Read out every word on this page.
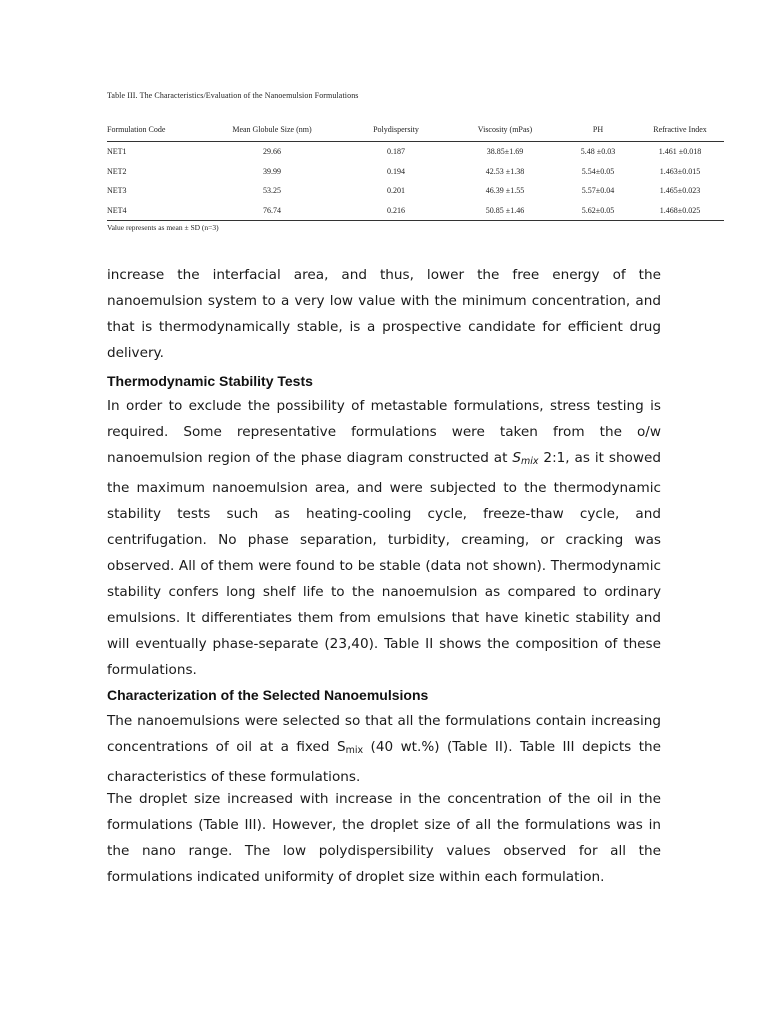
Table III. The Characteristics/Evaluation of the Nanoemulsion Formulations
Formulation Code	Mean Globule Size (nm)	Polydispersity	Viscosity (mPas)	PH	Refractive Index
NET1	29.66	0.187	38.85±1.69	5.48 ±0.03	1.461 ±0.018
NET2	39.99	0.194	42.53 ±1.38	5.54±0.05	1.463±0.015
NET3	53.25	0.201	46.39 ±1.55	5.57±0.04	1.465±0.023
NET4	76.74	0.216	50.85 ±1.46	5.62±0.05	1.468±0.025
Value represents as mean ± SD (n=3)

increase the interfacial area, and thus, lower the free energy of the nanoemulsion system to a very low value with the minimum concentration, and that is thermodynamically stable, is a prospective candidate for efficient drug delivery.

Thermodynamic Stability Tests

In order to exclude the possibility of metastable formulations, stress testing is required. Some representative formulations were taken from the o/w nanoemulsion region of the phase diagram constructed at $S_{mix}$ 2:1, as it showed the maximum nanoemulsion area, and were subjected to the thermodynamic stability tests such as heating-cooling cycle, freeze-thaw cycle, and centrifugation. No phase separation, turbidity, creaming, or cracking was observed. All of them were found to be stable (data not shown). Thermodynamic stability confers long shelf life to the nanoemulsion as compared to ordinary emulsions. It differentiates them from emulsions that have kinetic stability and will eventually phase-separate (23,40). Table II shows the composition of these formulations.

Characterization of the Selected Nanoemulsions

The nanoemulsions were selected so that all the formulations contain increasing concentrations of oil at a fixed $S_{mix}$ (40 wt.%) (Table II). Table III depicts the characteristics of these formulations.

The droplet size increased with increase in the concentration of the oil in the formulations (Table III). However, the droplet size of all the formulations was in the nano range. The low polydispersibility values observed for all the formulations indicated uniformity of droplet size within each formulation.
